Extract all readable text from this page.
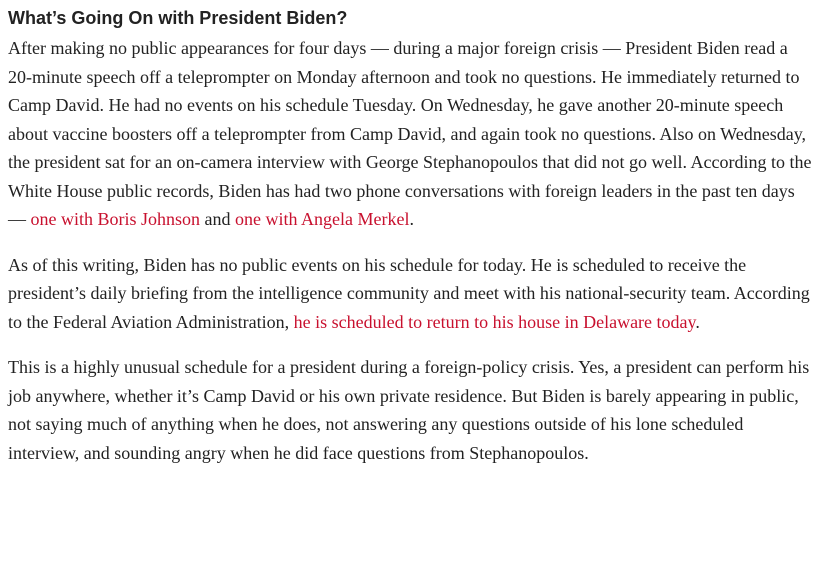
What’s Going On with President Biden?

After making no public appearances for four days — during a major foreign crisis — President Biden read a 20-minute speech off a teleprompter on Monday afternoon and took no questions. He immediately returned to Camp David. He had no events on his schedule Tuesday. On Wednesday, he gave another 20-minute speech about vaccine boosters off a teleprompter from Camp David, and again took no questions. Also on Wednesday, the president sat for an on-camera interview with George Stephanopoulos that did not go well. According to the White House public records, Biden has had two phone conversations with foreign leaders in the past ten days — one with Boris Johnson and one with Angela Merkel.

As of this writing, Biden has no public events on his schedule for today. He is scheduled to receive the president’s daily briefing from the intelligence community and meet with his national-security team. According to the Federal Aviation Administration, he is scheduled to return to his house in Delaware today.

This is a highly unusual schedule for a president during a foreign-policy crisis. Yes, a president can perform his job anywhere, whether it’s Camp David or his own private residence. But Biden is barely appearing in public, not saying much of anything when he does, not answering any questions outside of his lone scheduled interview, and sounding angry when he did face questions from Stephanopoulos.
